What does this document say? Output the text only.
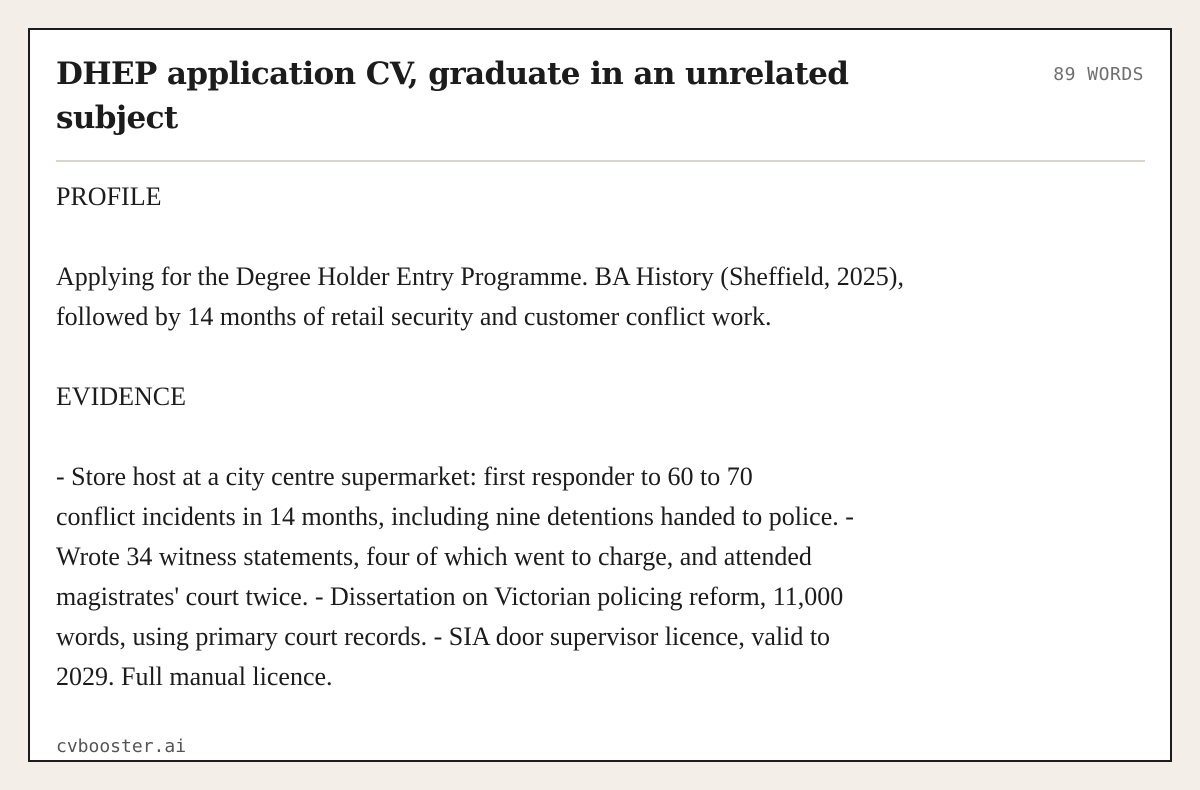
DHEP application CV, graduate in an unrelated subject
89 WORDS
PROFILE
Applying for the Degree Holder Entry Programme. BA History (Sheffield, 2025),
followed by 14 months of retail security and customer conflict work.
EVIDENCE
- Store host at a city centre supermarket: first responder to 60 to 70
conflict incidents in 14 months, including nine detentions handed to police. -
Wrote 34 witness statements, four of which went to charge, and attended
magistrates' court twice. - Dissertation on Victorian policing reform, 11,000
words, using primary court records. - SIA door supervisor licence, valid to
2029. Full manual licence.
cvbooster.ai
